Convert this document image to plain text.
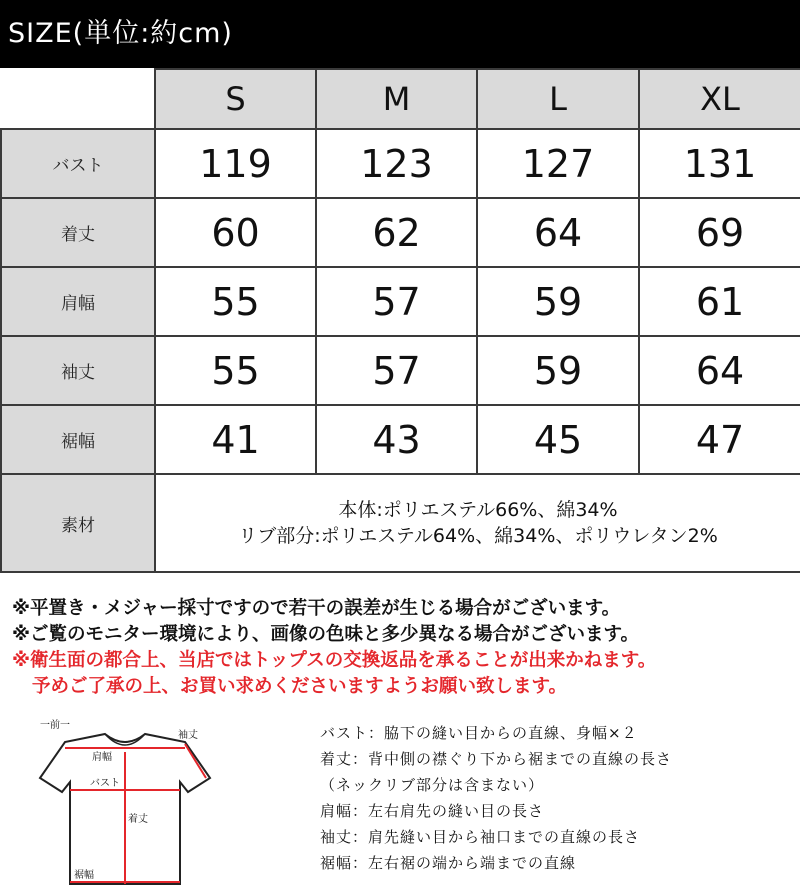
SIZE(単位:約cm)
	S	M	L	XL
バスト	119	123	127	131
着丈	60	62	64	69
肩幅	55	57	59	61
袖丈	55	57	59	64
裾幅	41	43	45	47
素材	本体:ポリエステル66%、綿34%
リブ部分:ポリエステル64%、綿34%、ポリウレタン2%			
※平置き・メジャー採寸ですので若干の誤差が生じる場合がございます。
※ご覧のモニター環境により、画像の色味と多少異なる場合がございます。
※衛生面の都合上、当店ではトップスの交換返品を承ることが出来かねます。
予めご了承の上、お買い求めくださいますようお願い致します。
一前一
肩幅
袖丈
バスト
着丈
裾幅
バスト：脇下の縫い目からの直線、身幅×２
着丈：背中側の襟ぐり下から裾までの直線の長さ
（ネックリブ部分は含まない）
肩幅：左右肩先の縫い目の長さ
袖丈：肩先縫い目から袖口までの直線の長さ
裾幅：左右裾の端から端までの直線
